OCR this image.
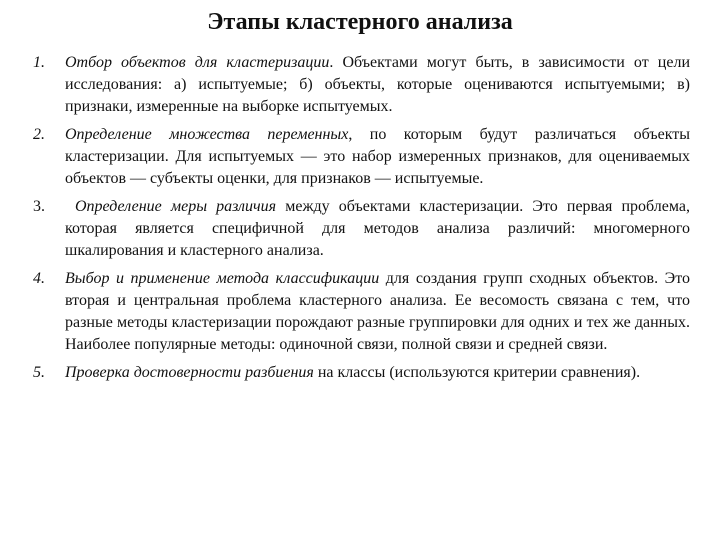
Этапы кластерного анализа
1. Отбор объектов для кластеризации. Объектами могут быть, в зависимости от цели исследования: а) испытуемые; б) объекты, которые оцениваются испытуемыми; в) признаки, измеренные на выборке испытуемых.
2. Определение множества переменных, по которым будут различаться объекты кластеризации. Для испытуемых — это набор измеренных признаков, для оцениваемых объектов — субъекты оценки, для признаков — испытуемые.
3. Определение меры различия между объектами кластеризации. Это первая проблема, которая является специфичной для методов анализа различий: многомерного шкалирования и кластерного анализа.
4. Выбор и применение метода классификации для создания групп сходных объектов. Это вторая и центральная проблема кластерного анализа. Ее весомость связана с тем, что разные методы кластеризации порождают разные группировки для одних и тех же данных. Наиболее популярные методы: одиночной связи, полной связи и средней связи.
5. Проверка достоверности разбиения на классы (используются критерии сравнения).
